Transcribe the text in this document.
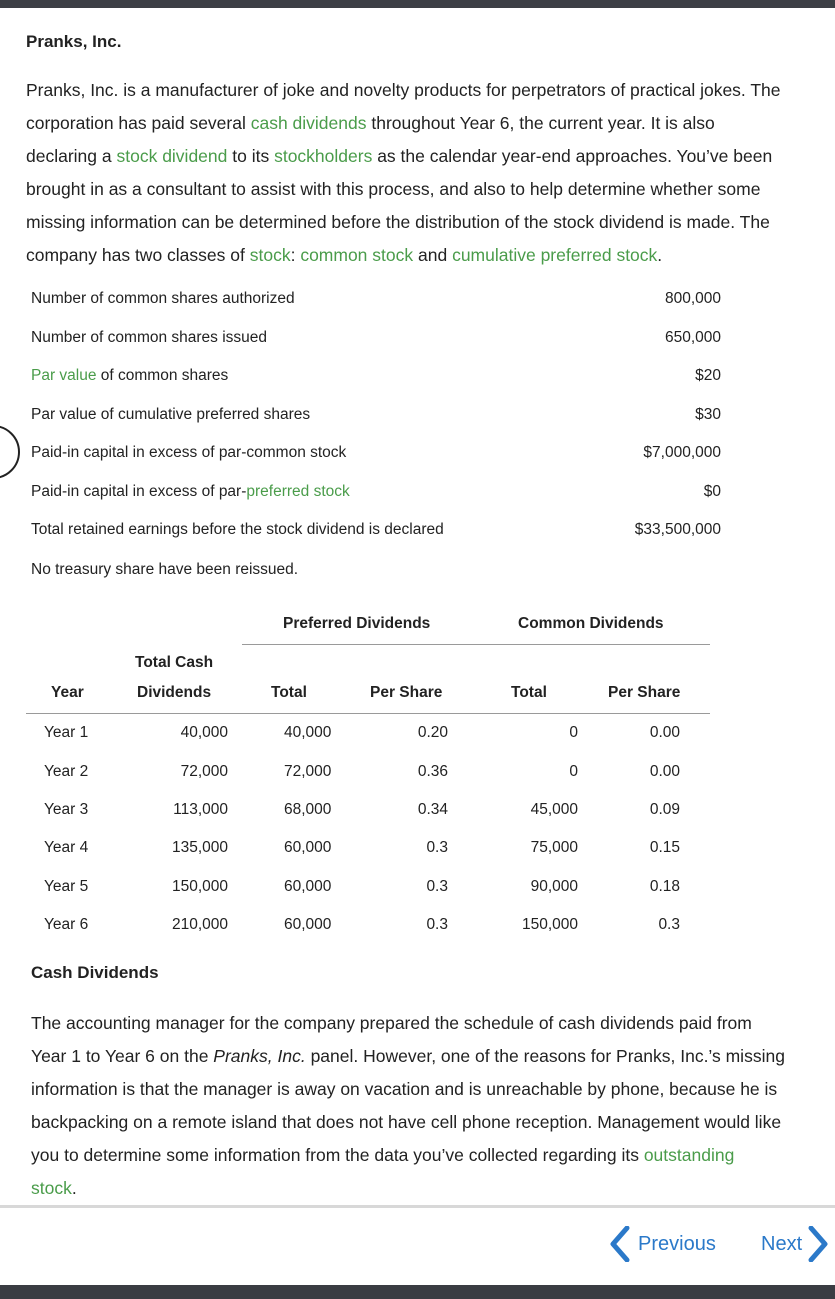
Pranks, Inc.
Pranks, Inc. is a manufacturer of joke and novelty products for perpetrators of practical jokes. The
corporation has paid several cash dividends throughout Year 6, the current year. It is also
declaring a stock dividend to its stockholders as the calendar year-end approaches. You’ve been
brought in as a consultant to assist with this process, and also to help determine whether some
missing information can be determined before the distribution of the stock dividend is made. The
company has two classes of stock: common stock and cumulative preferred stock.
Number of common shares authorized	800,000
Number of common shares issued	650,000
Par value of common shares	$20
Par value of cumulative preferred shares	$30
Paid-in capital in excess of par-common stock	$7,000,000
Paid-in capital in excess of par-preferred stock	$0
Total retained earnings before the stock dividend is declared	$33,500,000
No treasury share have been reissued.
Preferred Dividends	Common Dividends
Total Cash
Year	Dividends	Total	Per Share	Total	Per Share
Year 1	40,000	40,000	0.20	0	0.00
Year 2	72,000	72,000	0.36	0	0.00
Year 3	113,000	68,000	0.34	45,000	0.09
Year 4	135,000	60,000	0.3	75,000	0.15
Year 5	150,000	60,000	0.3	90,000	0.18
Year 6	210,000	60,000	0.3	150,000	0.3
Cash Dividends
The accounting manager for the company prepared the schedule of cash dividends paid from
Year 1 to Year 6 on the Pranks, Inc. panel. However, one of the reasons for Pranks, Inc.’s missing
information is that the manager is away on vacation and is unreachable by phone, because he is
backpacking on a remote island that does not have cell phone reception. Management would like
you to determine some information from the data you’ve collected regarding its outstanding
stock.
Previous Next
